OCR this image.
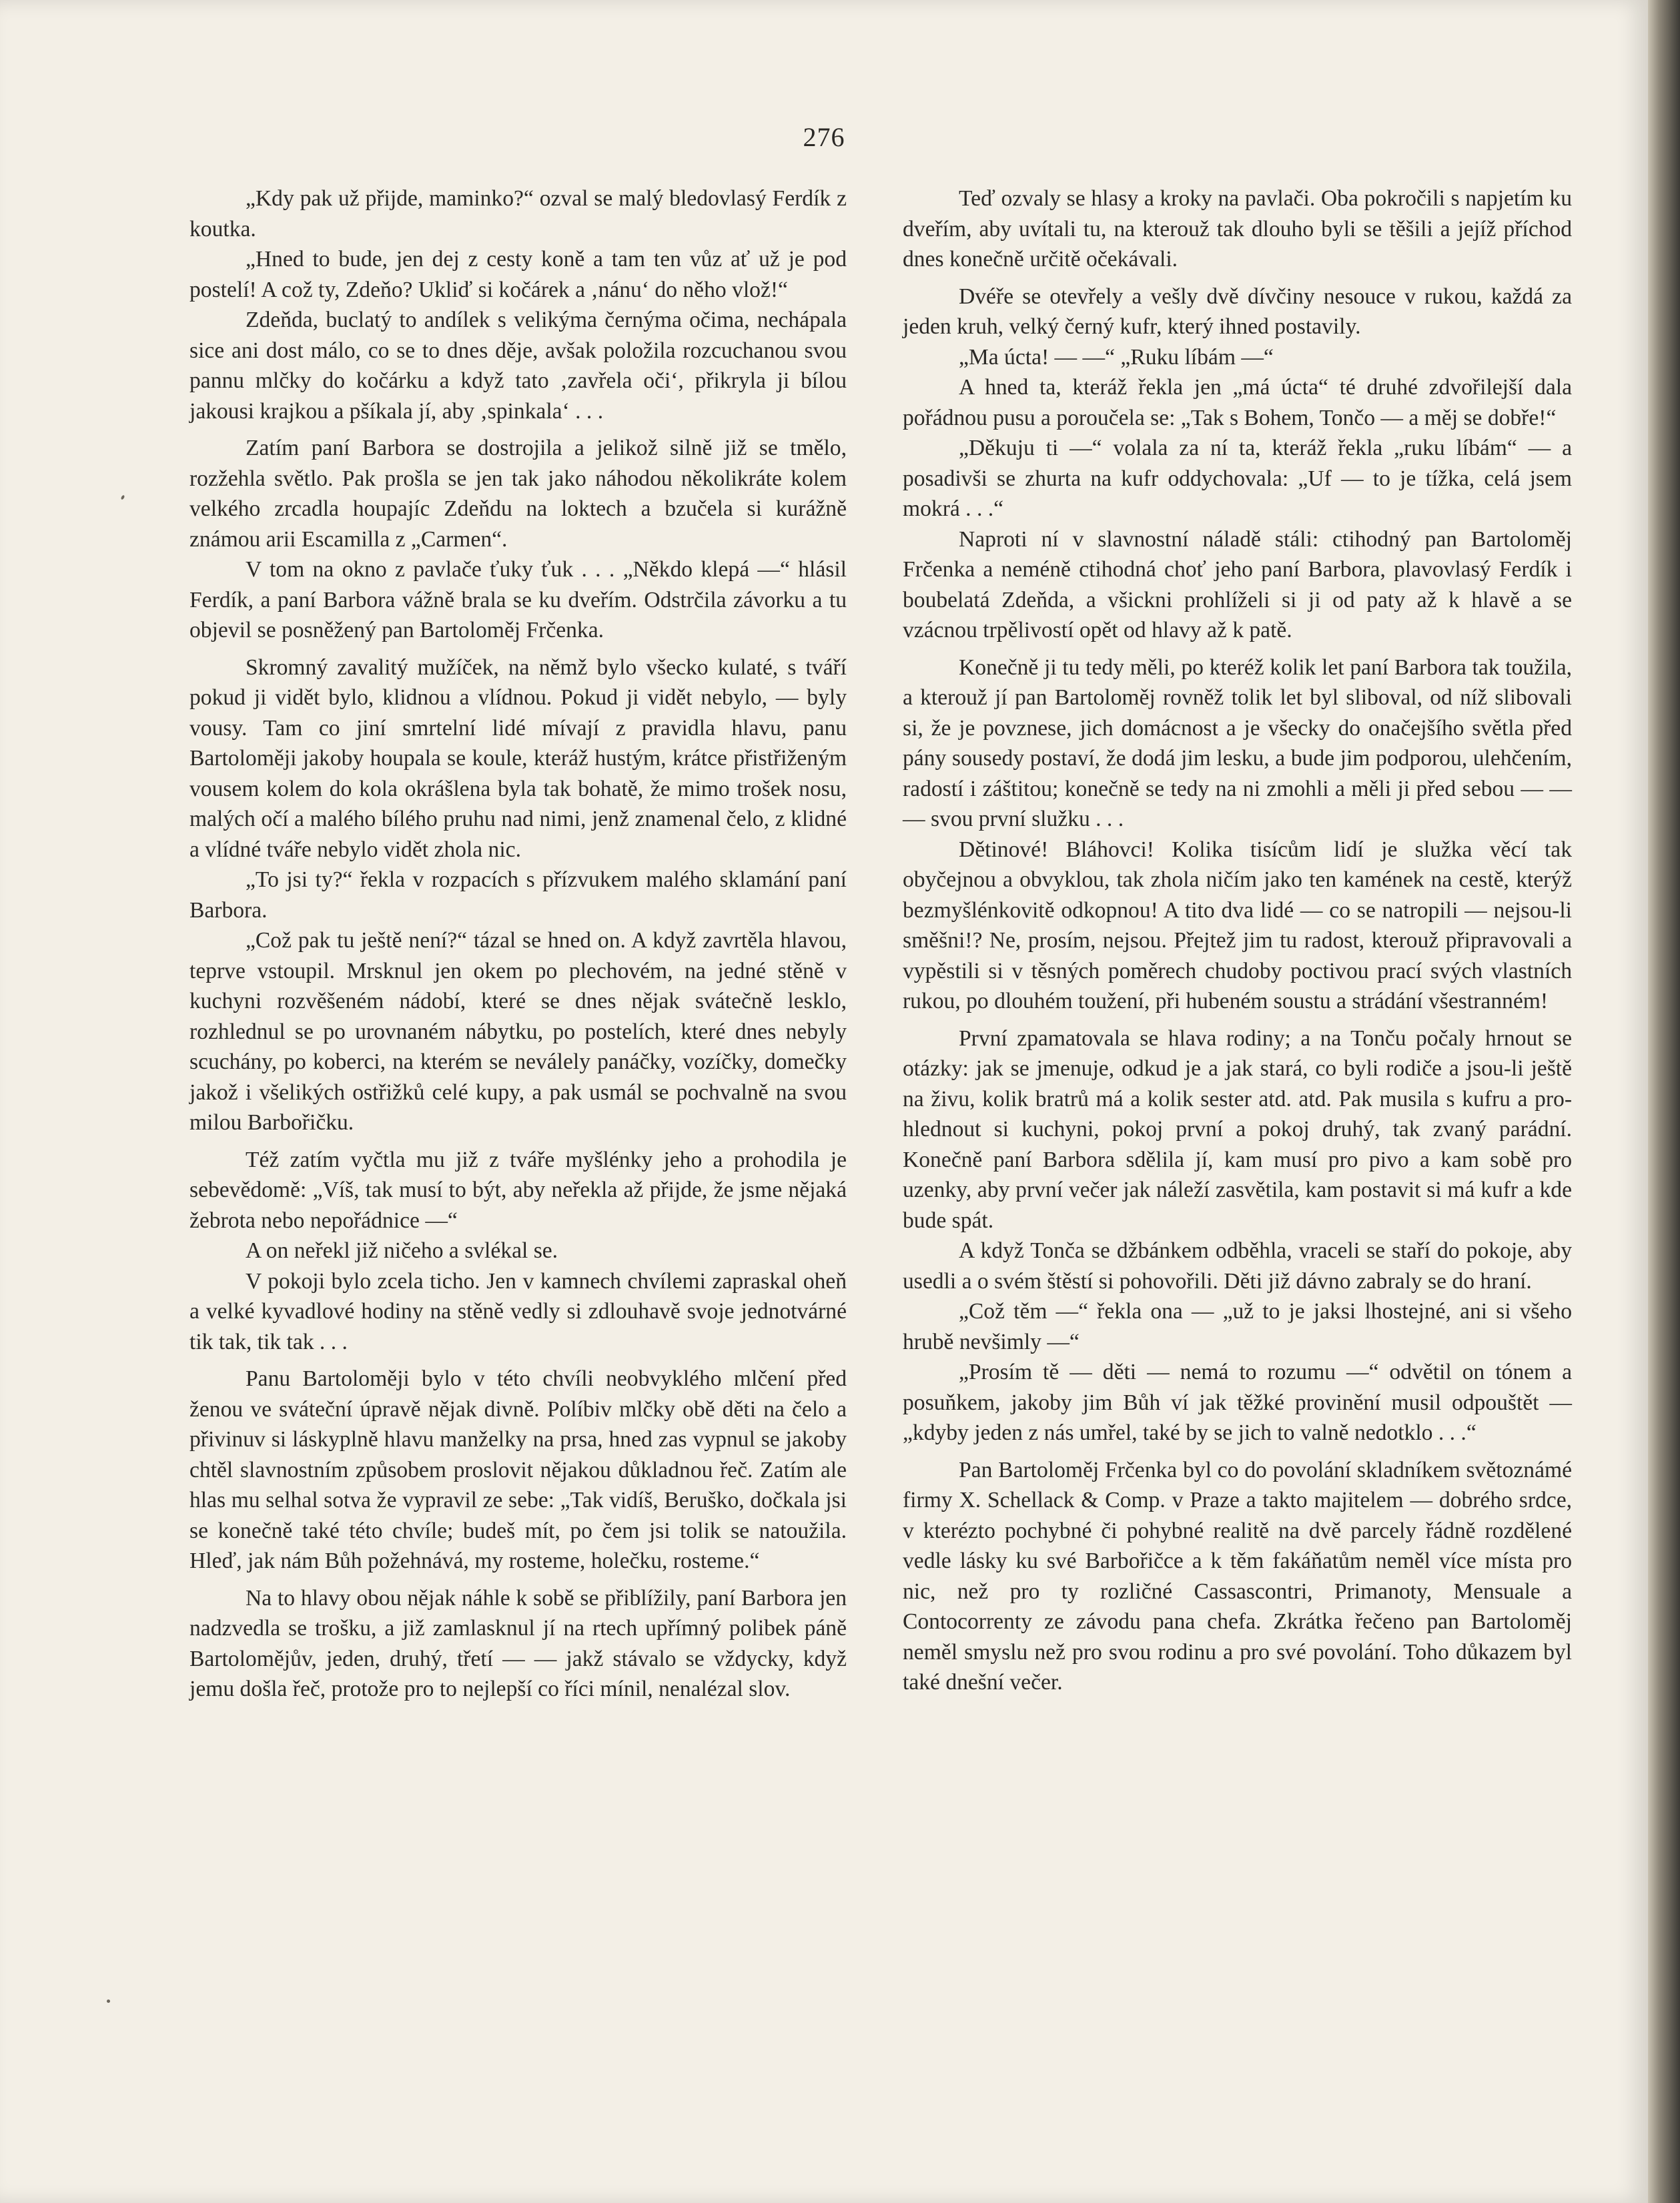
276

„Kdy pak už přijde, maminko?“ ozval se malý bledovlasý Ferdík z koutka.

„Hned to bude, jen dej z cesty koně a tam ten vůz ať už je pod postelí! A což ty, Zdeňo? Ukliď si kočárek a ‚nánu‘ do něho vlož!“

Zdeňda, buclatý to andílek s velikýma černýma očima, nechápala sice ani dost málo, co se to dnes děje, avšak položila rozcuchanou svou pannu mlčky do kočárku a když tato ‚zavřela oči‘, přikryla ji bílou jakousi krajkou a pšíkala jí, aby ‚spinkala‘ . . .

Zatím paní Barbora se dostrojila a jelikož silně již se tmělo, rozžehla světlo. Pak prošla se jen tak jako náhodou několikráte kolem velkého zrcadla houpajíc Zdeňdu na loktech a bzučela si kurážně známou arii Escamilla z „Carmen“.

V tom na okno z pavlače ťuky ťuk . . . „Někdo klepá —“ hlásil Ferdík, a paní Barbora vážně brala se ku dveřím. Odstrčila závorku a tu objevil se posněžený pan Bartoloměj Frčenka.

Skromný zavalitý mužíček, na němž bylo všecko kulaté, s tváří pokud ji vidět bylo, klidnou a vlídnou. Pokud ji vidět nebylo, — byly vousy. Tam co jiní smrtelní lidé mívají z pravidla hlavu, panu Bartoloměji jakoby houpala se koule, kteráž hustým, krátce přistřiženým vousem kolem do kola okrášlena byla tak bohatě, že mimo trošek nosu, malých očí a malého bílého pruhu nad nimi, jenž znamenal čelo, z klidné a vlídné tváře nebylo vidět zhola nic.

„To jsi ty?“ řekla v rozpacích s přízvukem malého sklamání paní Barbora.

„Což pak tu ještě není?“ tázal se hned on. A když zavrtěla hlavou, teprve vstoupil. Mrsknul jen okem po plechovém, na jedné stěně v kuchyni rozvěšeném nádobí, které se dnes nějak svátečně lesklo, rozhlednul se po urovnaném nábytku, po postelích, které dnes nebyly scuchány, po koberci, na kterém se neválely panáčky, vozíčky, domečky jakož i všelikých ostřižků celé kupy, a pak usmál se pochvalně na svou milou Barbořičku.

Též zatím vyčtla mu již z tváře myšlénky jeho a prohodila je sebevědomě: „Víš, tak musí to být, aby neřekla až přijde, že jsme nějaká žebrota nebo nepořádnice —“

A on neřekl již ničeho a svlékal se.

V pokoji bylo zcela ticho. Jen v kamnech chvílemi zapraskal oheň a velké kyvadlové hodiny na stěně vedly si zdlouhavě svoje jednotvárné tik tak, tik tak . . .

Panu Bartoloměji bylo v této chvíli neobvyklého mlčení před ženou ve sváteční úpravě nějak divně. Políbiv mlčky obě děti na čelo a přivinuv si láskyplně hlavu manželky na prsa, hned zas vypnul se jakoby chtěl slavnostním způsobem proslovit nějakou důkladnou řeč. Zatím ale hlas mu selhal sotva že vypravil ze sebe: „Tak vidíš, Beruško, dočkala jsi se konečně také této chvíle; budeš mít, po čem jsi tolik se natoužila. Hleď, jak nám Bůh požehnává, my rosteme, holečku, rosteme.“

Na to hlavy obou nějak náhle k sobě se přiblížily, paní Barbora jen nadzvedla se trošku, a již zamlasknul jí na rtech upřímný polibek páně Bartolomějův, jeden, druhý, třetí — — jakž stávalo se vždycky, když jemu došla řeč, protože pro to nejlepší co říci mínil, nenalézal slov.

Teď ozvaly se hlasy a kroky na pavlači. Oba pokročili s napjetím ku dveřím, aby uvítali tu, na kterouž tak dlouho byli se těšili a jejíž příchod dnes konečně určitě očekávali.

Dvéře se otevřely a vešly dvě dívčiny nesouce v rukou, každá za jeden kruh, velký černý kufr, který ihned postavily.

„Ma úcta! — —“ „Ruku líbám —“

A hned ta, kteráž řekla jen „má úcta“ té druhé zdvořilejší dala pořádnou pusu a poroučela se: „Tak s Bohem, Tončo — a měj se dobře!“

„Děkuju ti —“ volala za ní ta, kteráž řekla „ruku líbám“ — a posadivši se zhurta na kufr oddychovala: „Uf — to je tížka, celá jsem mokrá . . .“

Naproti ní v slavnostní náladě stáli: ctihodný pan Bartoloměj Frčenka a neméně ctihodná choť jeho paní Barbora, plavovlasý Ferdík i boubelatá Zdeňda, a všickni prohlíželi si ji od paty až k hlavě a se vzácnou trpělivostí opět od hlavy až k patě.

Konečně ji tu tedy měli, po kteréž kolik let paní Barbora tak toužila, a kterouž jí pan Bartoloměj rovněž tolik let byl sliboval, od níž slibovali si, že je povznese, jich domácnost a je všecky do onačejšího světla před pány sousedy postaví, že dodá jim lesku, a bude jim podporou, ulehčením, radostí i záštitou; konečně se tedy na ni zmohli a měli ji před sebou — — — svou první služku . . .

Dětinové! Bláhovci! Kolika tisícům lidí je služka věcí tak obyčejnou a obvyklou, tak zhola ničím jako ten kamének na cestě, kterýž bezmyšlénkovitě odkopnou! A tito dva lidé — co se natropili — nejsou-li směšni!? Ne, prosím, nejsou. Přejtež jim tu radost, kterouž připravovali a vypěstili si v těsných poměrech chudoby poctivou prací svých vlastních rukou, po dlouhém toužení, při hubeném soustu a strádání všestranném!

První zpamatovala se hlava rodiny; a na Tonču počaly hrnout se otázky: jak se jmenuje, odkud je a jak stará, co byli rodiče a jsou-li ještě na živu, kolik bratrů má a kolik sester atd. atd. Pak musila s kufru a prohlednout si kuchyni, pokoj první a pokoj druhý, tak zvaný parádní. Konečně paní Barbora sdělila jí, kam musí pro pivo a kam sobě pro uzenky, aby první večer jak náleží zasvětila, kam postavit si má kufr a kde bude spát.

A když Tonča se džbánkem odběhla, vraceli se staří do pokoje, aby usedli a o svém štěstí si pohovořili. Děti již dávno zabraly se do hraní.

„Což těm —“ řekla ona — „už to je jaksi lhostejné, ani si všeho hrubě nevšimly —“

„Prosím tě — děti — nemá to rozumu —“ odvětil on tónem a posuňkem, jakoby jim Bůh ví jak těžké provinění musil odpouštět — „kdyby jeden z nás umřel, také by se jich to valně nedotklo . . .“

Pan Bartoloměj Frčenka byl co do povolání skladníkem světoznámé firmy X. Schellack & Comp. v Praze a takto majitelem — dobrého srdce, v kterézto pochybné či pohybné realitě na dvě parcely řádně rozdělené vedle lásky ku své Barbořičce a k těm fakáňatům neměl více místa pro nic, než pro ty rozličné Cassascontri, Primanoty, Mensuale a Contocorrenty ze závodu pana chefa. Zkrátka řečeno pan Bartoloměj neměl smyslu než pro svou rodinu a pro své povolání. Toho důkazem byl také dnešní večer.
